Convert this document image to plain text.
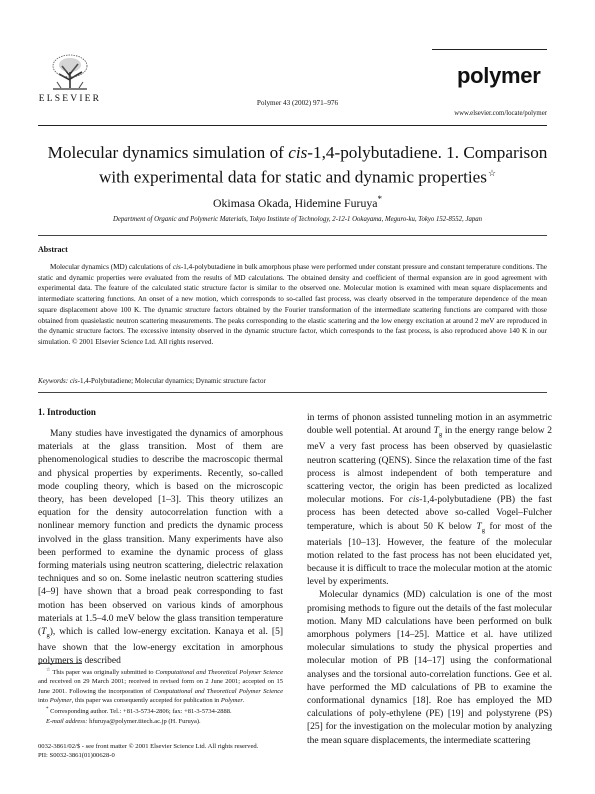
ELSEVIER	Polymer 43 (2002) 971–976
polymer
www.elsevier.com/locate/polymer
Molecular dynamics simulation of cis-1,4-polybutadiene. 1. Comparison
with experimental data for static and dynamic properties☆
Okimasa Okada, Hidemine Furuya*
Department of Organic and Polymeric Materials, Tokyo Institute of Technology, 2-12-1 Ookayama, Meguro-ku, Tokyo 152-8552, Japan
Abstract
Molecular dynamics (MD) calculations of cis-1,4-polybutadiene in bulk amorphous phase were performed under constant pressure and constant temperature conditions. The static and dynamic properties were evaluated from the results of MD calculations. The obtained density and coefficient of thermal expansion are in good agreement with experimental data. The feature of the calculated static structure factor is similar to the observed one. Molecular motion is examined with mean square displacements and intermediate scattering functions. An onset of a new motion, which corresponds to so-called fast process, was clearly observed in the temperature dependence of the mean square displacement above 100 K. The dynamic structure factors obtained by the Fourier transformation of the intermediate scattering functions are compared with those obtained from quasielastic neutron scattering measurements. The peaks corresponding to the elastic scattering and the low energy excitation at around 2 meV are reproduced in the dynamic structure factors. The excessive intensity observed in the dynamic structure factor, which corresponds to the fast process, is also reproduced above 140 K in our simulation. © 2001 Elsevier Science Ltd. All rights reserved.
Keywords: cis-1,4-Polybutadiene; Molecular dynamics; Dynamic structure factor
1. Introduction

Many studies have investigated the dynamics of amorphous materials at the glass transition. Most of them are phenomenological studies to describe the macroscopic thermal and physical properties by experiments. Recently, so-called mode coupling theory, which is based on the microscopic theory, has been developed [1–3]. This theory utilizes an equation for the density autocorrelation function with a nonlinear memory function and predicts the dynamic process involved in the glass transition. Many experiments have also been performed to examine the dynamic process of glass forming materials using neutron scattering, dielectric relaxation techniques and so on. Some inelastic neutron scattering studies [4–9] have shown that a broad peak corresponding to fast motion has been observed on various kinds of amorphous materials at 1.5–4.0 meV below the glass transition temperature $(T_g)$, which is called low-energy excitation. Kanaya et al. [5] have shown that the low-energy excitation in amorphous polymers is described

in terms of phonon assisted tunneling motion in an asymmetric double well potential. At around $T_g$ in the energy range below 2 meV a very fast process has been observed by quasielastic neutron scattering (QENS). Since the relaxation time of the fast process is almost independent of both temperature and scattering vector, the origin has been predicted as localized molecular motions. For cis-1,4-polybutadiene (PB) the fast process has been detected above so-called Vogel–Fulcher temperature, which is about 50 K below $T_g$ for most of the materials [10–13]. However, the feature of the molecular motion related to the fast process has not been elucidated yet, because it is difficult to trace the molecular motion at the atomic level by experiments.

Molecular dynamics (MD) calculation is one of the most promising methods to figure out the details of the fast molecular motion. Many MD calculations have been performed on bulk amorphous polymers [14–25]. Mattice et al. have utilized molecular simulations to study the physical properties and molecular motion of PB [14–17] using the conformational analyses and the torsional auto-correlation functions. Gee et al. have performed the MD calculations of PB to examine the conformational dynamics [18]. Roe has employed the MD calculations of poly-ethylene (PE) [19] and polystyrene (PS) [25] for the investigation on the molecular motion by analyzing the mean square displacements, the intermediate scattering

☆ This paper was originally submitted to Computational and Theoretical Polymer Science and received on 29 March 2001; received in revised form on 2 June 2001; accepted on 15 June 2001. Following the incorporation of Computational and Theoretical Polymer Science into Polymer, this paper was consequently accepted for publication in Polymer.

* Corresponding author. Tel.: +81-3-5734-2806; fax: +81-3-5734-2888.

E-mail address: hfuruya@polymer.titech.ac.jp (H. Furuya).

0032-3861/02/$ - see front matter © 2001 Elsevier Science Ltd. All rights reserved.
PII: S0032-3861(01)00628-0
